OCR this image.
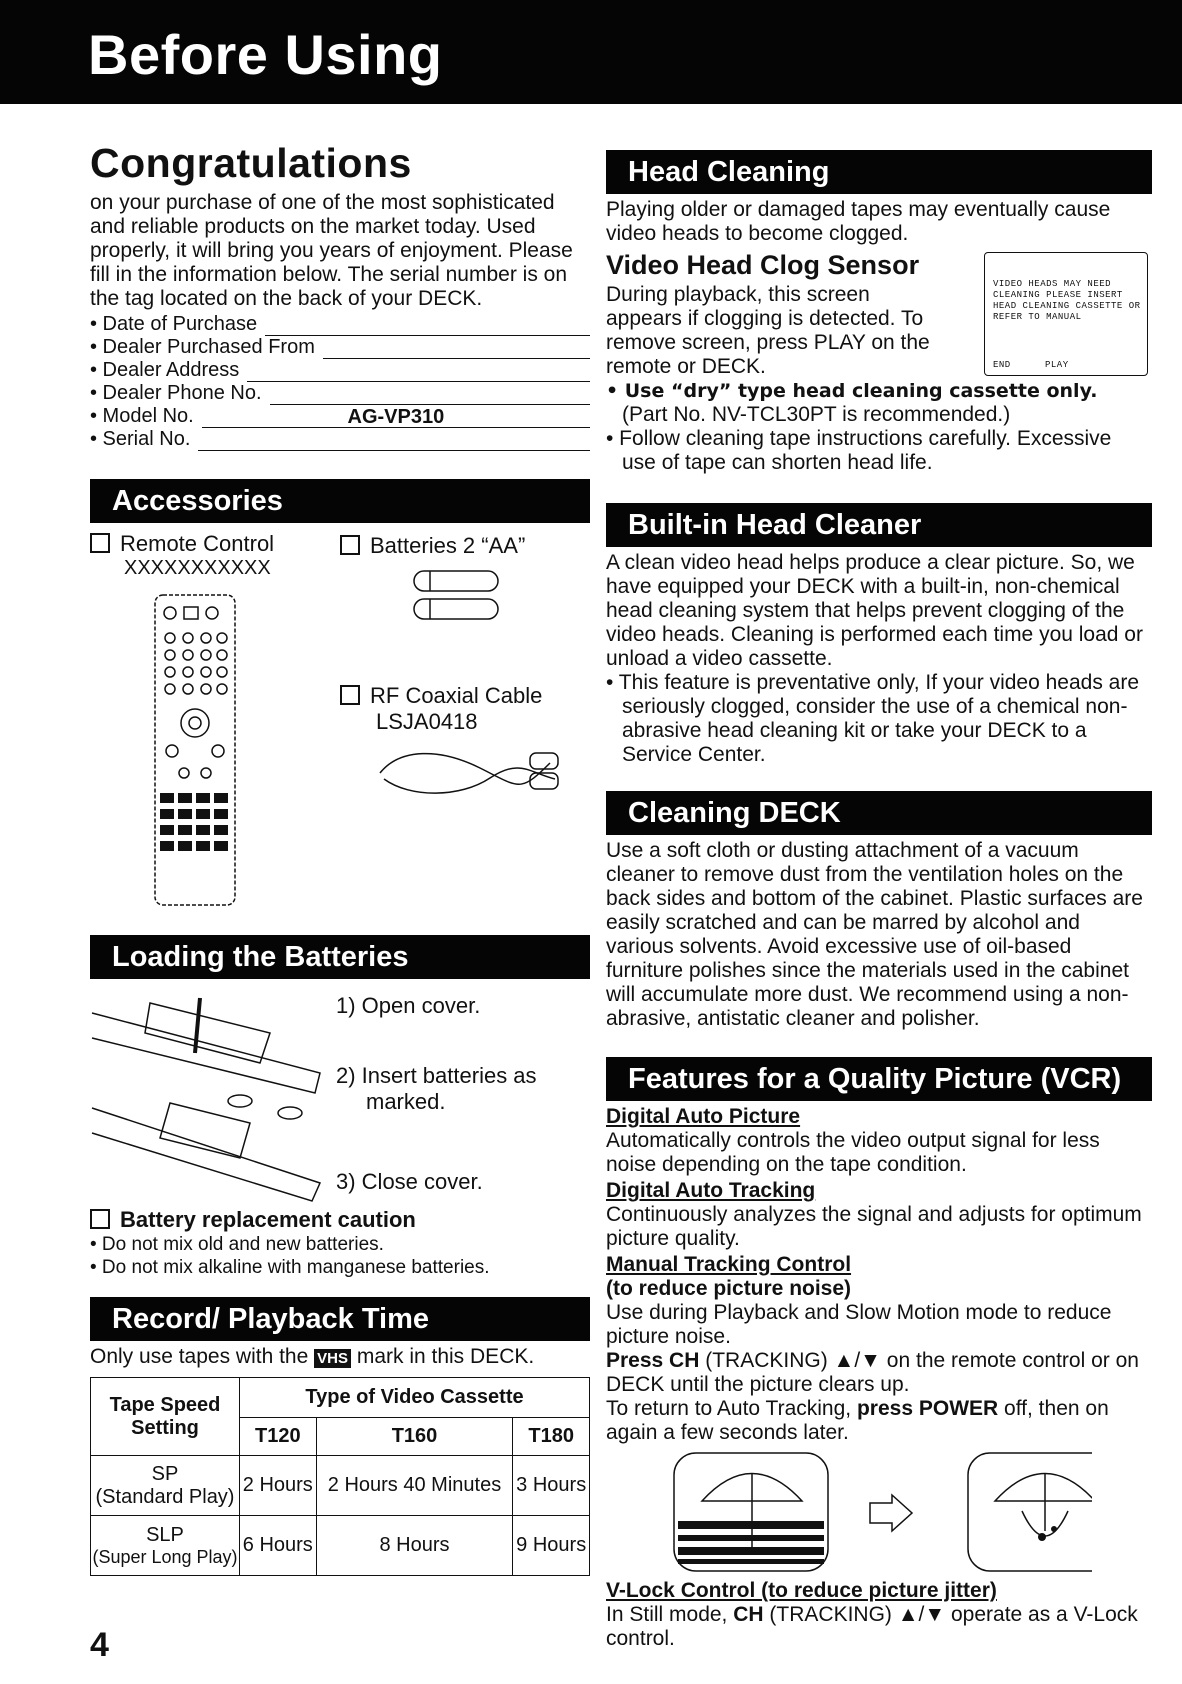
Before Using
Congratulations

on your purchase of one of the most sophisticated and reliable products on the market today. Used properly, it will bring you years of enjoyment. Please fill in the information below. The serial number is on the tag located on the back of your DECK.

• Date of Purchase
• Dealer Purchased From
• Dealer Address
• Dealer Phone No.
• Model No.	AG-VP310
• Serial No.
Accessories
Remote Control
XXXXXXXXXXX
Batteries 2 “AA”
RF Coaxial Cable
LSJA0418
Loading the Batteries
1) Open cover.
2) Insert batteries as
marked.
3) Close cover.
Battery replacement caution
• Do not mix old and new batteries.
• Do not mix alkaline with manganese batteries.
Record/ Playback Time

Only use tapes with the VHS mark in this DECK.

Tape Speed Setting	Type of Video Cassette		
	T120	T160	T180

SP
(Standard Play)	2 Hours	2 Hours 40 Minutes	3 Hours

SLP
(Super Long Play)	6 Hours	8 Hours	9 Hours
4
Head Cleaning

Playing older or damaged tapes may eventually cause video heads to become clogged.

Video Head Clog Sensor

During playback, this screen appears if clogging is detected. To remove screen, press PLAY on the remote or DECK.

• Use “dry” type head cleaning cassette only.
(Part No. NV-TCL30PT is recommended.)
• Follow cleaning tape instructions carefully. Excessive use of tape can shorten head life.
Built-in Head Cleaner

A clean video head helps produce a clear picture. So, we have equipped your DECK with a built-in, non-chemical head cleaning system that helps prevent clogging of the video heads. Cleaning is performed each time you load or unload a video cassette.

• This feature is preventative only, If your video heads are seriously clogged, consider the use of a chemical non-abrasive head cleaning kit or take your DECK to a Service Center.
Cleaning DECK

Use a soft cloth or dusting attachment of a vacuum cleaner to remove dust from the ventilation holes on the back sides and bottom of the cabinet. Plastic surfaces are easily scratched and can be marred by alcohol and various solvents. Avoid excessive use of oil-based furniture polishes since the materials used in the cabinet will accumulate more dust. We recommend using a non-abrasive, antistatic cleaner and polisher.

Features for a Quality Picture (VCR)
Digital Auto Picture

Automatically controls the video output signal for less noise depending on the tape condition.

Digital Auto Tracking

Continuously analyzes the signal and adjusts for optimum picture quality.

Manual Tracking Control
(to reduce picture noise)

Use during Playback and Slow Motion mode to reduce picture noise.

Press CH (TRACKING) ▲/▼ on the remote control or on DECK until the picture clears up.

To return to Auto Tracking, press POWER off, then on again a few seconds later.

V-Lock Control (to reduce picture jitter)

In Still mode, CH (TRACKING) ▲/▼ operate as a V-Lock control.

VIDEO HEADS MAY NEED CLEANING PLEASE INSERT HEAD CLEANING CASSETTE OR REFER TO MANUAL
END	PLAY
